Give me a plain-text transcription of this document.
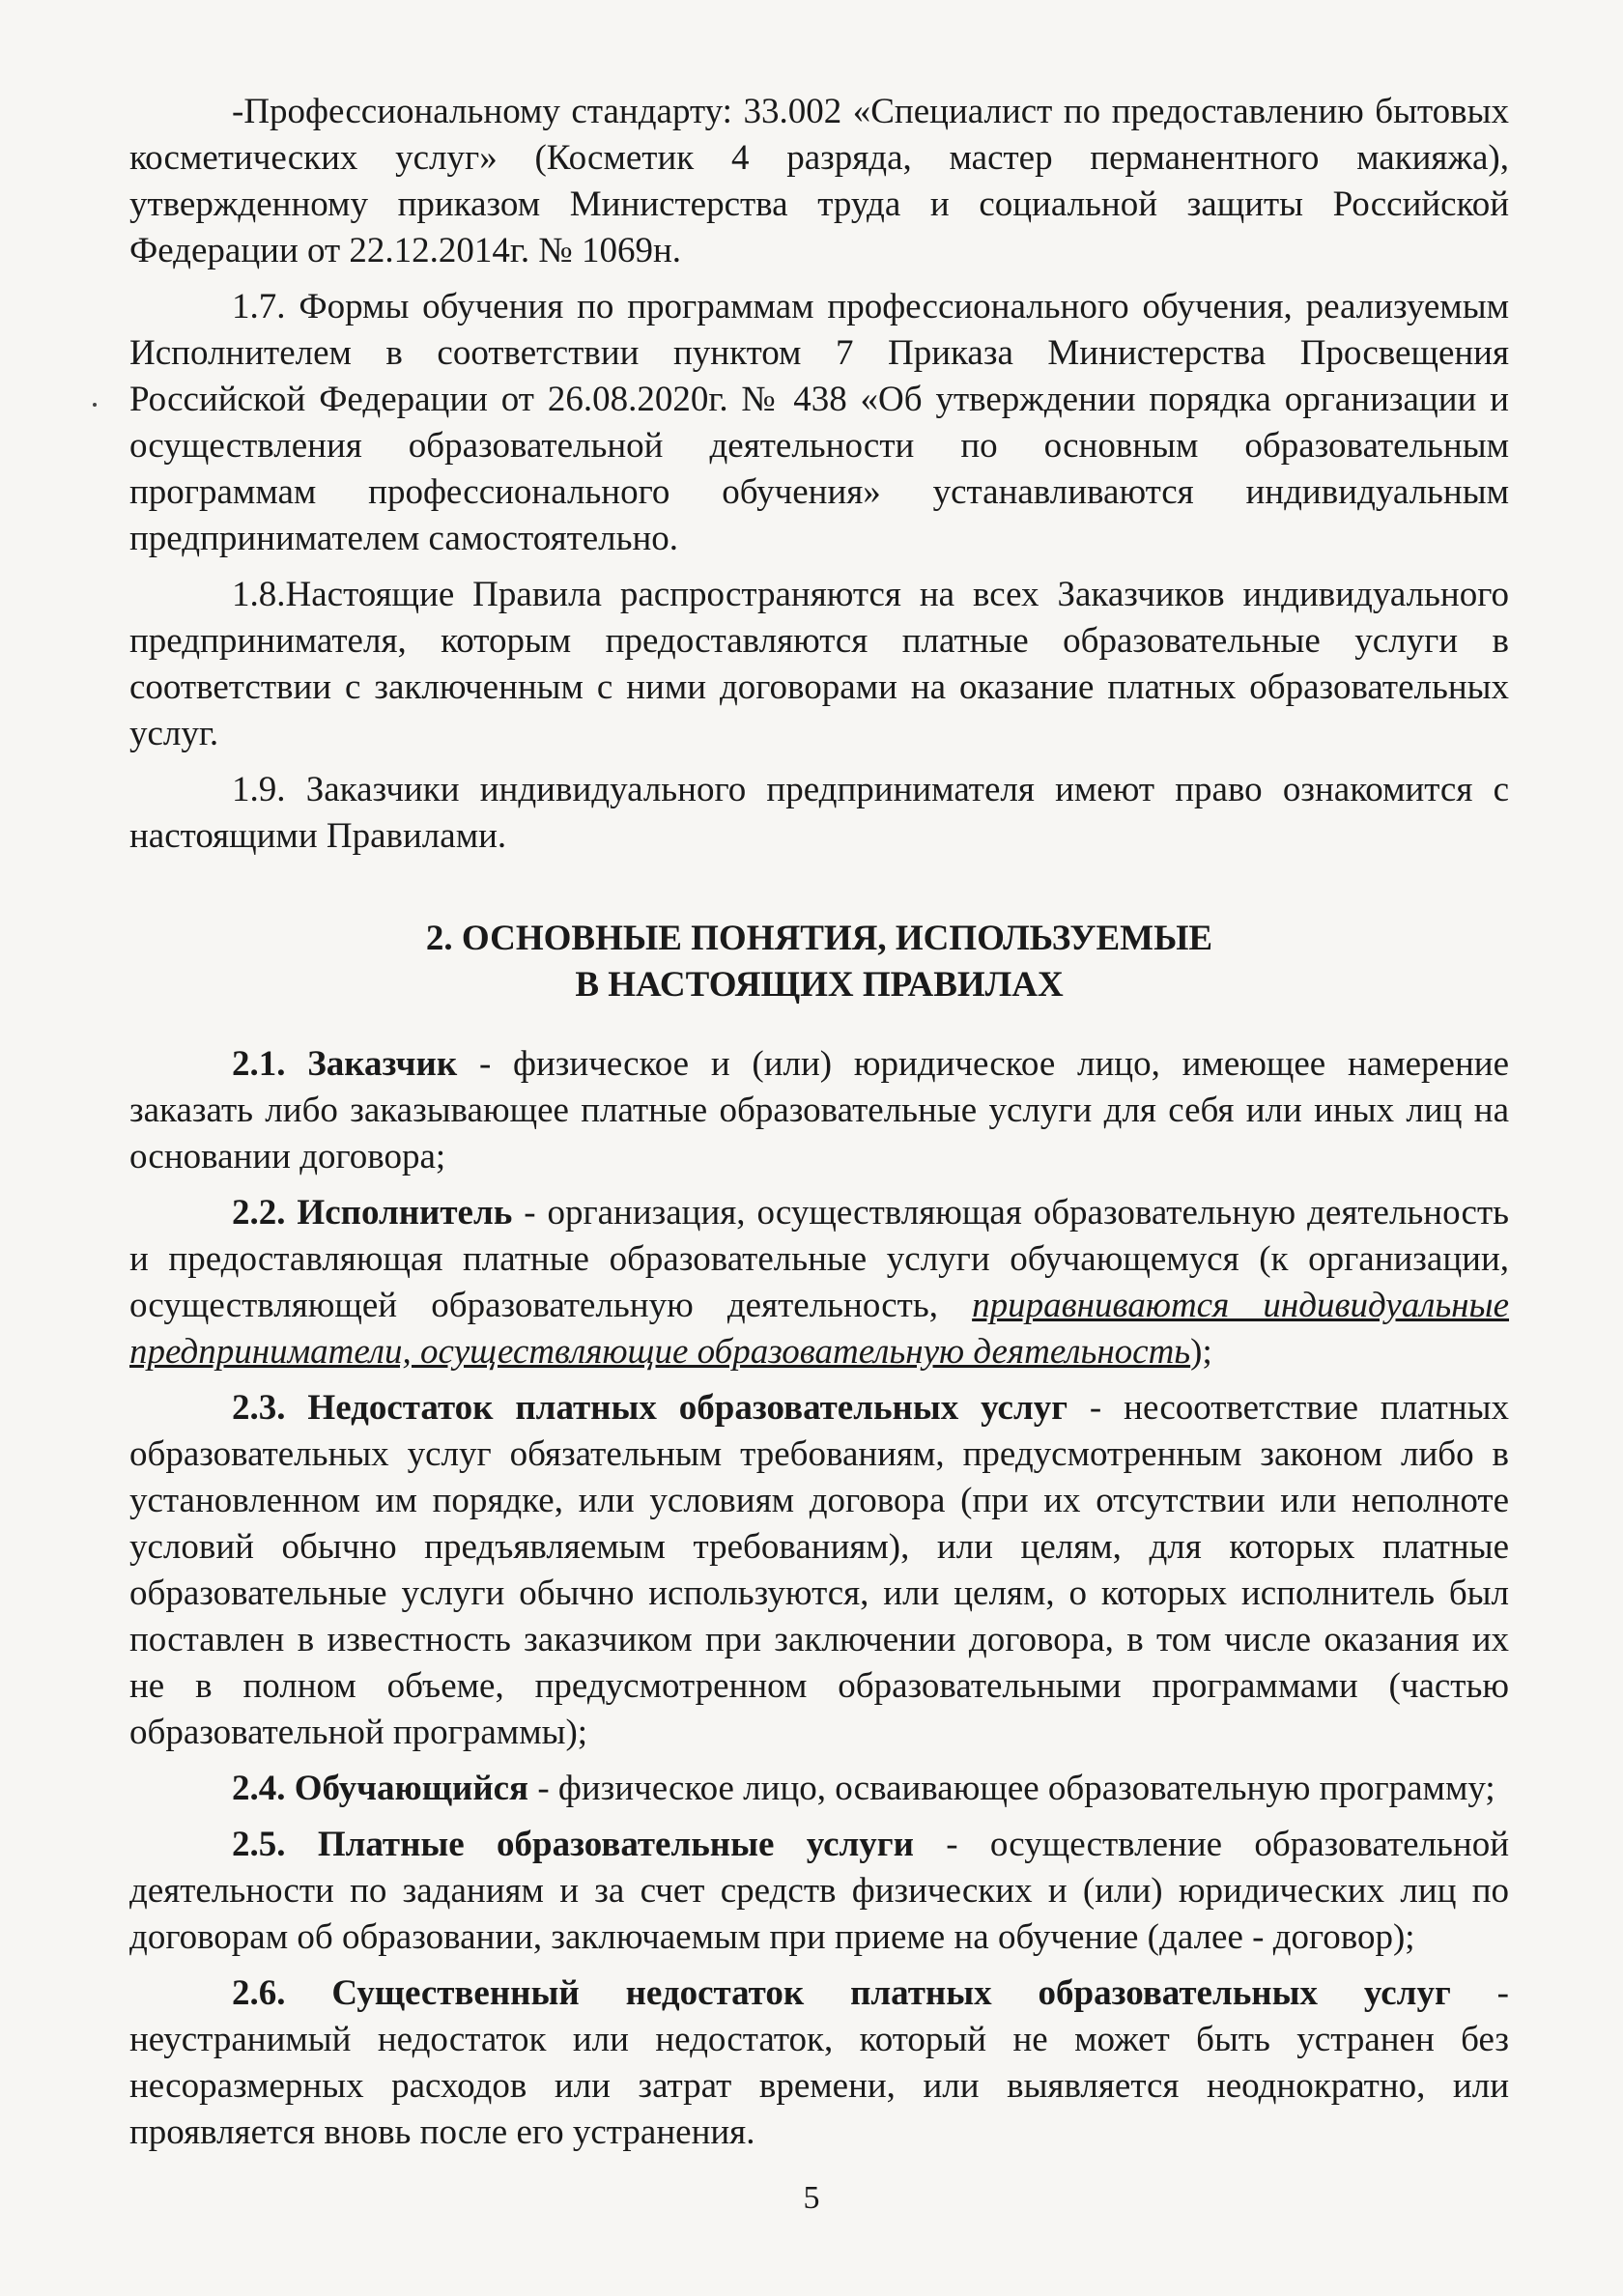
-Профессиональному стандарту: 33.002 «Специалист по предоставлению бытовых косметических услуг» (Косметик 4 разряда, мастер перманентного макияжа), утвержденному приказом Министерства труда и социальной защиты Российской Федерации от 22.12.2014г. № 1069н.

1.7. Формы обучения по программам профессионального обучения, реализуемым Исполнителем в соответствии пунктом 7 Приказа Министерства Просвещения Российской Федерации от 26.08.2020г. № 438 «Об утверждении порядка организации и осуществления образовательной деятельности по основным образовательным программам профессионального обучения» устанавливаются индивидуальным предпринимателем самостоятельно.

1.8.Настоящие Правила распространяются на всех Заказчиков индивидуального предпринимателя, которым предоставляются платные образовательные услуги в соответствии с заключенным с ними договорами на оказание платных образовательных услуг.

1.9. Заказчики индивидуального предпринимателя имеют право ознакомится с настоящими Правилами.

2. ОСНОВНЫЕ ПОНЯТИЯ, ИСПОЛЬЗУЕМЫЕ
В НАСТОЯЩИХ ПРАВИЛАХ

2.1. Заказчик - физическое и (или) юридическое лицо, имеющее намерение заказать либо заказывающее платные образовательные услуги для себя или иных лиц на основании договора;

2.2. Исполнитель - организация, осуществляющая образовательную деятельность и предоставляющая платные образовательные услуги обучающемуся (к организации, осуществляющей образовательную деятельность, приравниваются индивидуальные предприниматели, осуществляющие образовательную деятельность);

2.3. Недостаток платных образовательных услуг - несоответствие платных образовательных услуг обязательным требованиям, предусмотренным законом либо в установленном им порядке, или условиям договора (при их отсутствии или неполноте условий обычно предъявляемым требованиям), или целям, для которых платные образовательные услуги обычно используются, или целям, о которых исполнитель был поставлен в известность заказчиком при заключении договора, в том числе оказания их не в полном объеме, предусмотренном образовательными программами (частью образовательной программы);

2.4. Обучающийся - физическое лицо, осваивающее образовательную программу;

2.5. Платные образовательные услуги - осуществление образовательной деятельности по заданиям и за счет средств физических и (или) юридических лиц по договорам об образовании, заключаемым при приеме на обучение (далее - договор);

2.6. Существенный недостаток платных образовательных услуг - неустранимый недостаток или недостаток, который не может быть устранен без несоразмерных расходов или затрат времени, или выявляется неоднократно, или проявляется вновь после его устранения.

5
